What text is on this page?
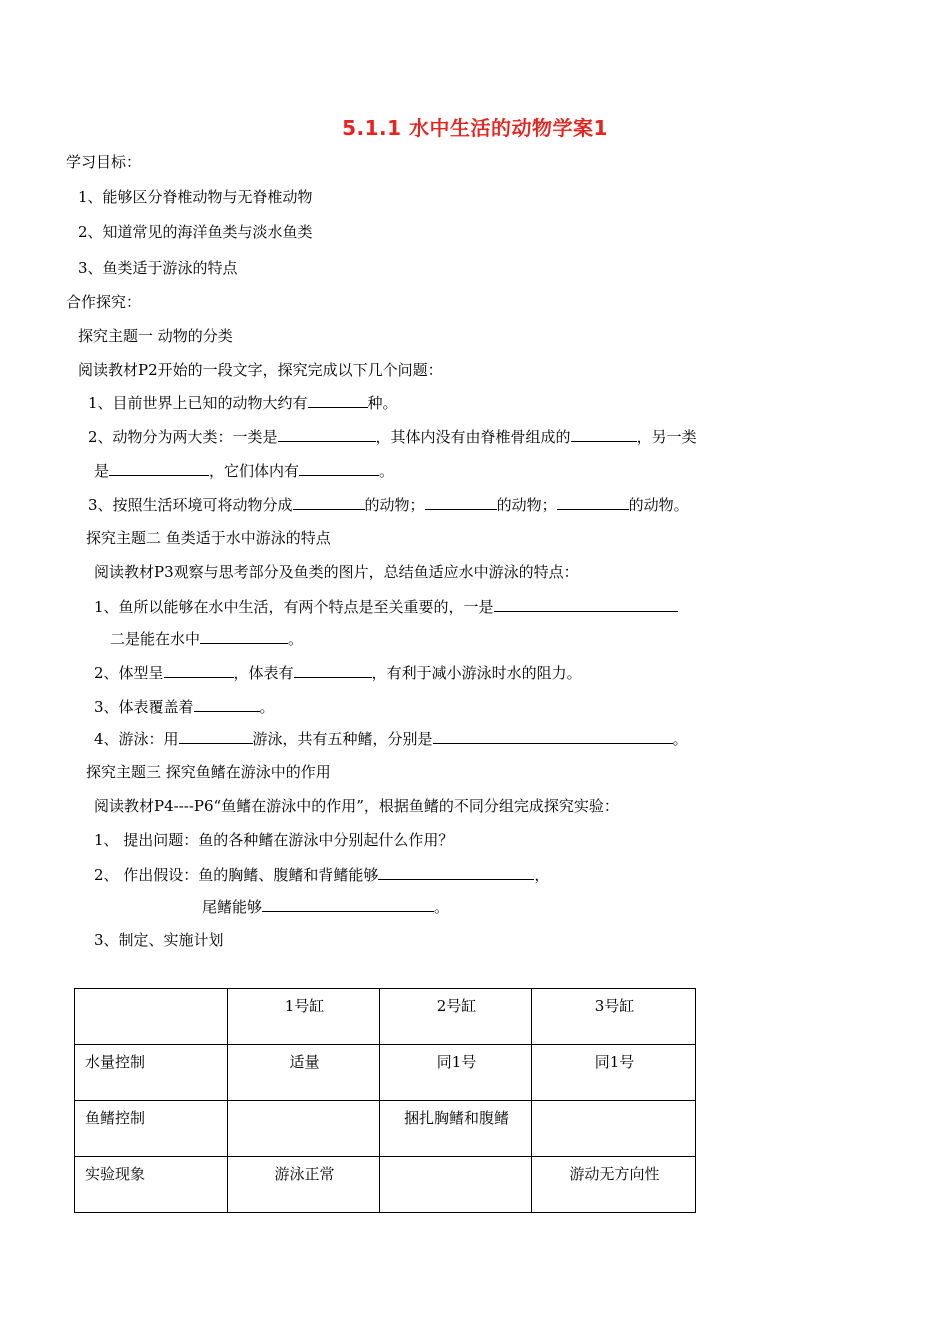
5.1.1 水中生活的动物学案1
学习目标：
1、能够区分脊椎动物与无脊椎动物
2、知道常见的海洋鱼类与淡水鱼类
3、鱼类适于游泳的特点
合作探究：
探究主题一 动物的分类
阅读教材P2开始的一段文字，探究完成以下几个问题：
1、目前世界上已知的动物大约有	种。
2、动物分为两大类：一类是	，其体内没有由脊椎骨组成的	，另一类
是	，它们体内有	。
3、按照生活环境可将动物分成	的动物；	的动物；	的动物。
探究主题二 鱼类适于水中游泳的特点
阅读教材P3观察与思考部分及鱼类的图片，总结鱼适应水中游泳的特点：
1、鱼所以能够在水中生活，有两个特点是至关重要的，一是
二是能在水中	。
2、体型呈	，体表有	，有利于减小游泳时水的阻力。
3、体表覆盖着	。
4、游泳：用	游泳，共有五种鳍，分别是	。
探究主题三 探究鱼鳍在游泳中的作用
阅读教材P4----P6“鱼鳍在游泳中的作用”，根据鱼鳍的不同分组完成探究实验：
1、 提出问题：鱼的各种鳍在游泳中分别起什么作用？
2、 作出假设：鱼的胸鳍、腹鳍和背鳍能够	，
尾鳍能够	。
3、制定、实施计划
	1号缸	2号缸	3号缸
水量控制	适量	同1号	同1号
鱼鳍控制		捆扎胸鳍和腹鳍	
实验现象	游泳正常		游动无方向性
